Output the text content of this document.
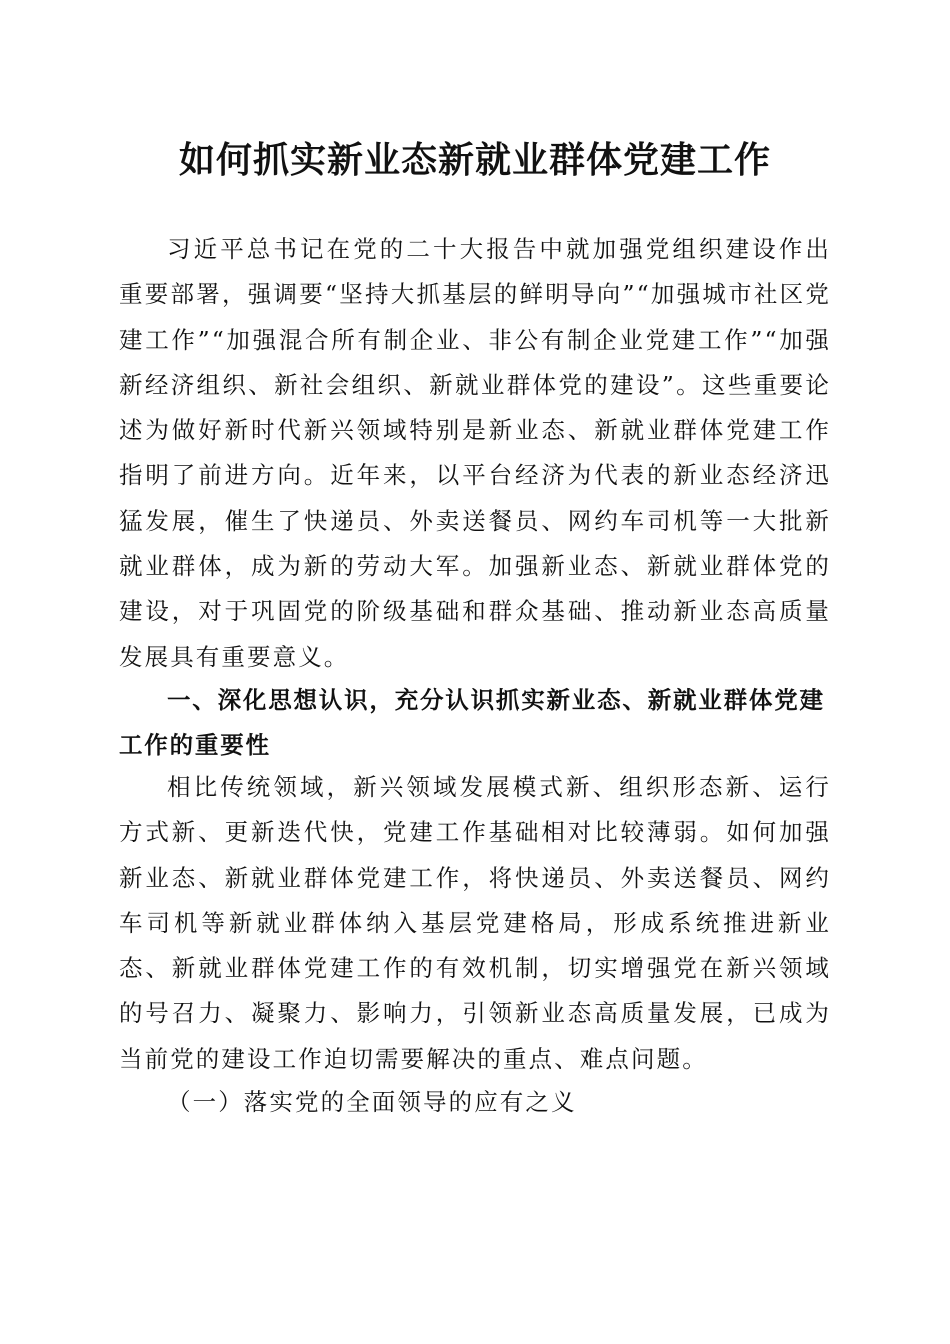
如何抓实新业态新就业群体党建工作

习近平总书记在党的二十大报告中就加强党组织建设作出重要部署，强调要“坚持大抓基层的鲜明导向”“加强城市社区党建工作”“加强混合所有制企业、非公有制企业党建工作”“加强新经济组织、新社会组织、新就业群体党的建设”。这些重要论述为做好新时代新兴领域特别是新业态、新就业群体党建工作指明了前进方向。近年来，以平台经济为代表的新业态经济迅猛发展，催生了快递员、外卖送餐员、网约车司机等一大批新就业群体，成为新的劳动大军。加强新业态、新就业群体党的建设，对于巩固党的阶级基础和群众基础、推动新业态高质量发展具有重要意义。

一、深化思想认识，充分认识抓实新业态、新就业群体党建工作的重要性

相比传统领域，新兴领域发展模式新、组织形态新、运行方式新、更新迭代快，党建工作基础相对比较薄弱。如何加强新业态、新就业群体党建工作，将快递员、外卖送餐员、网约车司机等新就业群体纳入基层党建格局，形成系统推进新业态、新就业群体党建工作的有效机制，切实增强党在新兴领域的号召力、凝聚力、影响力，引领新业态高质量发展，已成为当前党的建设工作迫切需要解决的重点、难点问题。

（一）落实党的全面领导的应有之义
